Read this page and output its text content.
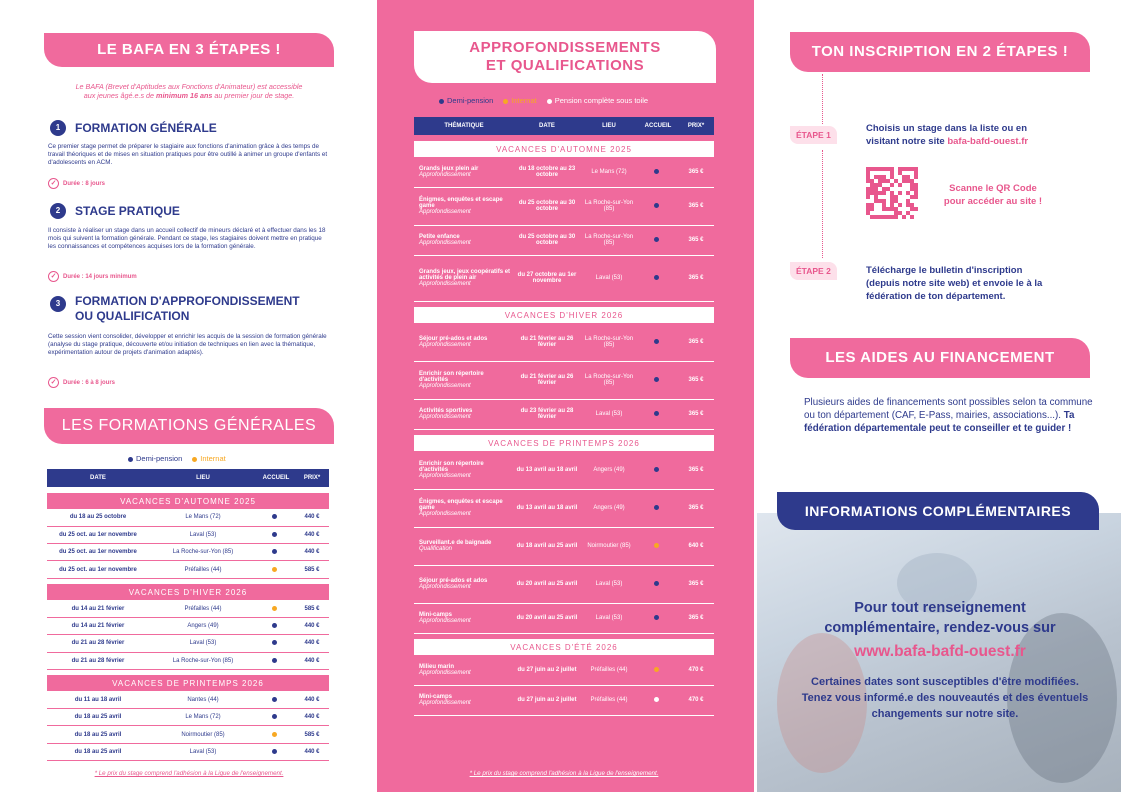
LE BAFA EN 3 ÉTAPES !
Le BAFA (Brevet d'Aptitudes aux Fonctions d'Animateur) est accessible
aux jeunes âgé.e.s de minimum 16 ans au premier jour de stage.
1	FORMATION GÉNÉRALE
Ce premier stage permet de préparer le stagiaire aux fonctions d'animation grâce à des temps de travail théoriques et de mises en situation pratiques pour être outillé à animer un groupe d'enfants et d'adolescents en ACM.
✓	Durée : 8 jours
2	STAGE PRATIQUE
Il consiste à réaliser un stage dans un accueil collectif de mineurs déclaré et à effectuer dans les 18 mois qui suivent la formation générale. Pendant ce stage, les stagiaires doivent mettre en pratique les connaissances et compétences acquises lors de la formation générale.
✓	Durée : 14 jours minimum
3	FORMATION D'APPROFONDISSEMENT
OU QUALIFICATION
Cette session vient consolider, développer et enrichir les acquis de la session de formation générale (analyse du stage pratique, découverte et/ou initiation de techniques en lien avec la thématique, expérimentation autour de projets d'animation adaptés).
✓	Durée : 6 à 8 jours
LES FORMATIONS GÉNÉRALES
Demi-pension	Internat
DATE	LIEU	ACCUEIL	PRIX*

VACANCES D'AUTOMNE 2025			
du 18 au 25 octobre	Le Mans (72)		440 €
du 25 oct. au 1er novembre	Laval (53)		440 €
du 25 oct. au 1er novembre	La Roche-sur-Yon (85)		440 €
du 25 oct. au 1er novembre	Préfailles (44)		585 €

VACANCES D'HIVER 2026			
du 14 au 21 février	Préfailles (44)		585 €
du 14 au 21 février	Angers (49)		440 €
du 21 au 28 février	Laval (53)		440 €
du 21 au 28 février	La Roche-sur-Yon (85)		440 €

VACANCES DE PRINTEMPS 2026			
du 11 au 18 avril	Nantes (44)		440 €
du 18 au 25 avril	Le Mans (72)		440 €
du 18 au 25 avril	Noirmoutier (85)		585 €
du 18 au 25 avril	Laval (53)		440 €
* Le prix du stage comprend l'adhésion à la Ligue de l'enseignement.
APPROFONDISSEMENTS
ET QUALIFICATIONS
Demi-pension	Internat	Pension complète sous toile
THÉMATIQUE	DATE	LIEU	ACCUEIL	PRIX*

VACANCES D'AUTOMNE 2025				

Grands jeux plein air
Approfondissement	du 18 octobre au 23 octobre	Le Mans (72)		365 €

Énigmes, enquêtes et escape game
Approfondissement	du 25 octobre au 30 octobre	La Roche-sur-Yon (85)		365 €

Petite enfance
Approfondissement	du 25 octobre au 30 octobre	La Roche-sur-Yon (85)		365 €

Grands jeux, jeux coopératifs et activités de plein air
Approfondissement	du 27 octobre au 1er novembre	Laval (53)		365 €

VACANCES D'HIVER 2026				

Séjour pré-ados et ados
Approfondissement	du 21 février au 26 février	La Roche-sur-Yon (85)		365 €

Enrichir son répertoire d'activités
Approfondissement	du 21 février au 26 février	La Roche-sur-Yon (85)		365 €

Activités sportives
Approfondissement	du 23 février au 28 février	Laval (53)		365 €

VACANCES DE PRINTEMPS 2026				

Enrichir son répertoire d'activités
Approfondissement	du 13 avril au 18 avril	Angers (49)		365 €

Énigmes, enquêtes et escape game
Approfondissement	du 13 avril au 18 avril	Angers (49)		365 €

Surveillant.e de baignade
Qualification	du 18 avril au 25 avril	Noirmoutier (85)		640 €

Séjour pré-ados et ados
Approfondissement	du 20 avril au 25 avril	Laval (53)		365 €

Mini-camps
Approfondissement	du 20 avril au 25 avril	Laval (53)		365 €

VACANCES D'ÉTÉ 2026				

Milieu marin
Approfondissement	du 27 juin au 2 juillet	Préfailles (44)		470 €

Mini-camps
Approfondissement	du 27 juin au 2 juillet	Préfailles (44)		470 €
* Le prix du stage comprend l'adhésion à la Ligue de l'enseignement.
TON INSCRIPTION EN 2 ÉTAPES !
ÉTAPE 1
Choisis un stage dans la liste ou en
visitant notre site bafa-bafd-ouest.fr
Scanne le QR Code
pour accéder au site !
ÉTAPE 2	Télécharge le bulletin d'inscription
(depuis notre site web) et envoie le à la
fédération de ton département.
LES AIDES AU FINANCEMENT
Plusieurs aides de financements sont possibles selon ta commune ou ton département (CAF, E-Pass, mairies, associations...). Ta fédération départementale peut te conseiller et te guider !
INFORMATIONS COMPLÉMENTAIRES
Pour tout renseignement
complémentaire, rendez-vous sur
www.bafa-bafd-ouest.fr
Certaines dates sont susceptibles d'être modifiées. Tenez vous informé.e des nouveautés et des éventuels changements sur notre site.
